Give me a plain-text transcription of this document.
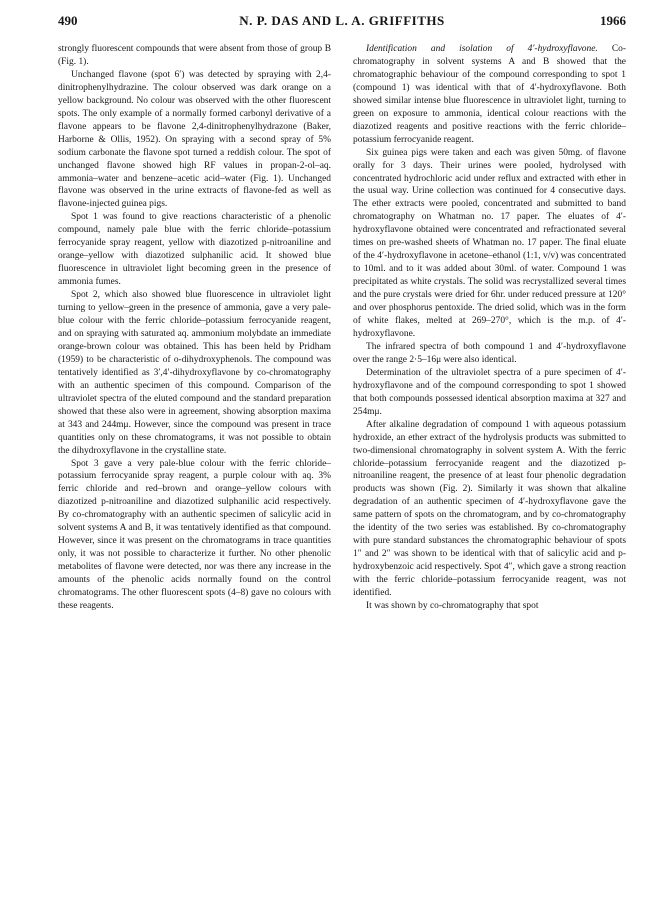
490	N. P. DAS AND L. A. GRIFFITHS	1966

strongly fluorescent compounds that were absent from those of group B (Fig. 1).

Unchanged flavone (spot 6′) was detected by spraying with 2,4-dinitrophenylhydrazine. The colour observed was dark orange on a yellow background. No colour was observed with the other fluorescent spots. The only example of a normally formed carbonyl derivative of a flavone appears to be flavone 2,4-dinitrophenylhydrazone (Baker, Harborne & Ollis, 1952). On spraying with a second spray of 5% sodium carbonate the flavone spot turned a reddish colour. The spot of unchanged flavone showed high RF values in propan-2-ol–aq. ammonia–water and benzene–acetic acid–water (Fig. 1). Unchanged flavone was observed in the urine extracts of flavone-fed as well as flavone-injected guinea pigs.

Spot 1 was found to give reactions characteristic of a phenolic compound, namely pale blue with the ferric chloride–potassium ferrocyanide spray reagent, yellow with diazotized p-nitroaniline and orange–yellow with diazotized sulphanilic acid. It showed blue fluorescence in ultraviolet light becoming green in the presence of ammonia fumes.

Spot 2, which also showed blue fluorescence in ultraviolet light turning to yellow–green in the presence of ammonia, gave a very pale-blue colour with the ferric chloride–potassium ferrocyanide reagent, and on spraying with saturated aq. ammonium molybdate an immediate orange-brown colour was obtained. This has been held by Pridham (1959) to be characteristic of o-dihydroxyphenols. The compound was tentatively identified as 3′,4′-dihydroxyflavone by co-chromatography with an authentic specimen of this compound. Comparison of the ultraviolet spectra of the eluted compound and the standard preparation showed that these also were in agreement, showing absorption maxima at 343 and 244mμ. However, since the compound was present in trace quantities only on these chromatograms, it was not possible to obtain the dihydroxyflavone in the crystalline state.

Spot 3 gave a very pale-blue colour with the ferric chloride–potassium ferrocyanide spray reagent, a purple colour with aq. 3% ferric chloride and red–brown and orange–yellow colours with diazotized p-nitroaniline and diazotized sulphanilic acid respectively. By co-chromatography with an authentic specimen of salicylic acid in solvent systems A and B, it was tentatively identified as that compound. However, since it was present on the chromatograms in trace quantities only, it was not possible to characterize it further. No other phenolic metabolites of flavone were detected, nor was there any increase in the amounts of the phenolic acids normally found on the control chromatograms. The other fluorescent spots (4–8) gave no colours with these reagents.

Identification and isolation of 4′-hydroxyflavone. Co-chromatography in solvent systems A and B showed that the chromatographic behaviour of the compound corresponding to spot 1 (compound 1) was identical with that of 4′-hydroxyflavone. Both showed similar intense blue fluorescence in ultraviolet light, turning to green on exposure to ammonia, identical colour reactions with the diazotized reagents and positive reactions with the ferric chloride–potassium ferrocyanide reagent.

Six guinea pigs were taken and each was given 50mg. of flavone orally for 3 days. Their urines were pooled, hydrolysed with concentrated hydrochloric acid under reflux and extracted with ether in the usual way. Urine collection was continued for 4 consecutive days. The ether extracts were pooled, concentrated and submitted to band chromatography on Whatman no. 17 paper. The eluates of 4′-hydroxyflavone obtained were concentrated and refractionated several times on pre-washed sheets of Whatman no. 17 paper. The final eluate of the 4′-hydroxyflavone in acetone–ethanol (1:1, v/v) was concentrated to 10ml. and to it was added about 30ml. of water. Compound 1 was precipitated as white crystals. The solid was recrystallized several times and the pure crystals were dried for 6hr. under reduced pressure at 120° and over phosphorus pentoxide. The dried solid, which was in the form of white flakes, melted at 269–270°, which is the m.p. of 4′-hydroxyflavone.

The infrared spectra of both compound 1 and 4′-hydroxyflavone over the range 2·5–16μ were also identical.

Determination of the ultraviolet spectra of a pure specimen of 4′-hydroxyflavone and of the compound corresponding to spot 1 showed that both compounds possessed identical absorption maxima at 327 and 254mμ.

After alkaline degradation of compound 1 with aqueous potassium hydroxide, an ether extract of the hydrolysis products was submitted to two-dimensional chromatography in solvent system A. With the ferric chloride–potassium ferrocyanide reagent and the diazotized p-nitroaniline reagent, the presence of at least four phenolic degradation products was shown (Fig. 2). Similarly it was shown that alkaline degradation of an authentic specimen of 4′-hydroxyflavone gave the same pattern of spots on the chromatogram, and by co-chromatography the identity of the two series was established. By co-chromatography with pure standard substances the chromatographic behaviour of spots 1″ and 2″ was shown to be identical with that of salicylic acid and p-hydroxybenzoic acid respectively. Spot 4″, which gave a strong reaction with the ferric chloride–potassium ferrocyanide reagent, was not identified.

It was shown by co-chromatography that spot
